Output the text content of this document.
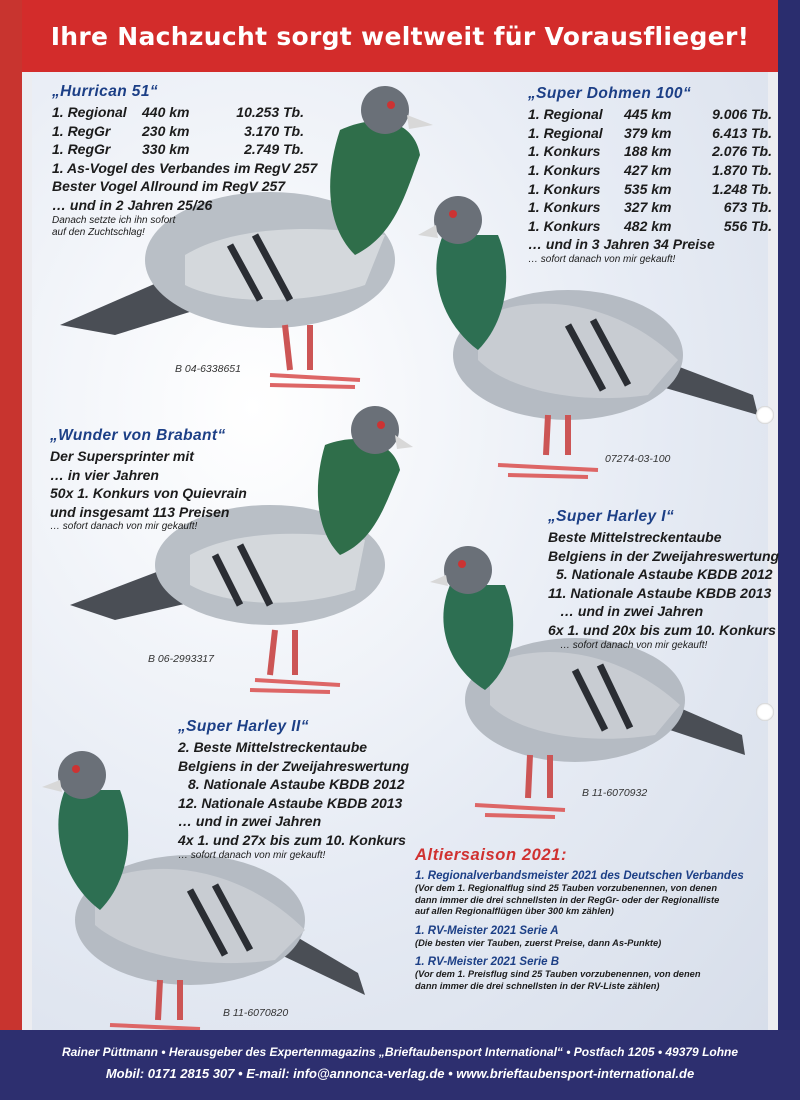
Ihre Nachzucht sorgt weltweit für Vorausflieger!
„Hurrican 51“
1. Regional	440 km	10.253 Tb.
1. RegGr	230 km	3.170 Tb.
1. RegGr	330 km	2.749 Tb.
1. As-Vogel des Verbandes im RegV 257
Bester Vogel Allround im RegV 257
… und in 2 Jahren 25/26
Danach setzte ich ihn sofort
auf den Zuchtschlag!
B 04-6338651
„Super Dohmen 100“
1. Regional	445 km	9.006 Tb.
1. Regional	379 km	6.413 Tb.
1. Konkurs	188 km	2.076 Tb.
1. Konkurs	427 km	1.870 Tb.
1. Konkurs	535 km	1.248 Tb.
1. Konkurs	327 km	673 Tb.
1. Konkurs	482 km	556 Tb.
… und in 3 Jahren 34 Preise
… sofort danach von mir gekauft!
07274-03-100
„Wunder von Brabant“
Der Supersprinter mit
… in vier Jahren
50x 1. Konkurs von Quievrain
und insgesamt 113 Preisen
… sofort danach von mir gekauft!
B 06-2993317
„Super Harley I“
Beste Mittelstreckentaube
Belgiens in der Zweijahreswertung
5. Nationale Astaube KBDB 2012
11. Nationale Astaube KBDB 2013
… und in zwei Jahren
6x 1. und 20x bis zum 10. Konkurs
… sofort danach von mir gekauft!
B 11-6070932
„Super Harley II“
2. Beste Mittelstreckentaube
Belgiens in der Zweijahreswertung
8. Nationale Astaube KBDB 2012
12. Nationale Astaube KBDB 2013
… und in zwei Jahren
4x 1. und 27x bis zum 10. Konkurs
… sofort danach von mir gekauft!
B 11-6070820
Altiersaison 2021:
1. Regionalverbandsmeister 2021 des Deutschen Verbandes
(Vor dem 1. Regionalflug sind 25 Tauben vorzubenennen, von denen
dann immer die drei schnellsten in der RegGr- oder der Regionalliste
auf allen Regionalflügen über 300 km zählen)
1. RV-Meister 2021 Serie A
(Die besten vier Tauben, zuerst Preise, dann As-Punkte)
1. RV-Meister 2021 Serie B
(Vor dem 1. Preisflug sind 25 Tauben vorzubenennen, von denen
dann immer die drei schnellsten in der RV-Liste zählen)
Rainer Püttmann • Herausgeber des Expertenmagazins „Brieftaubensport International“ • Postfach 1205 • 49379 Lohne
Mobil: 0171 2815 307 • E-mail: info@annonca-verlag.de • www.brieftaubensport-international.de
